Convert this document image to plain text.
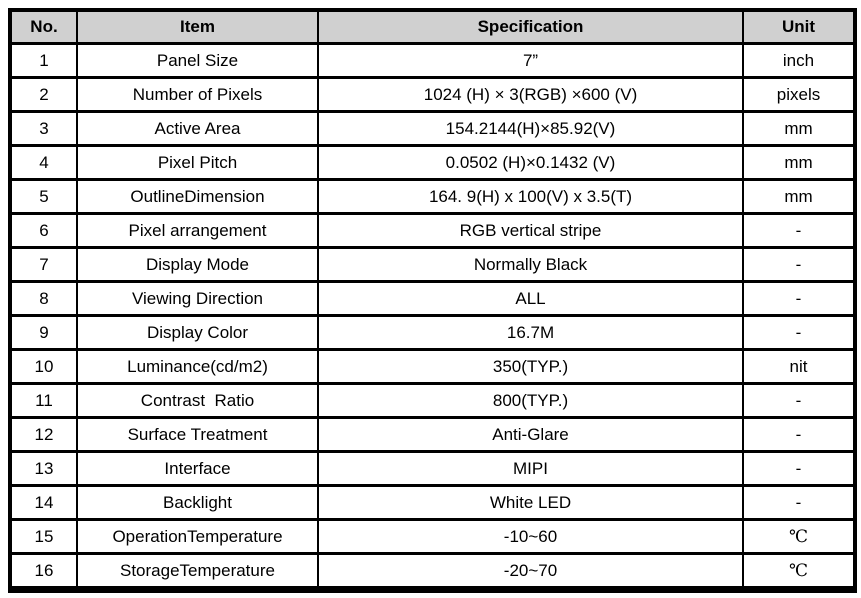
No.	Item	Specification	Unit
1	Panel Size	7”	inch
2	Number of Pixels	1024 (H) × 3(RGB) ×600 (V)	pixels
3	Active Area	154.2144(H)×85.92(V)	mm
4	Pixel Pitch	0.0502 (H)×0.1432 (V)	mm
5	OutlineDimension	164. 9(H) x 100(V) x 3.5(T)	mm
6	Pixel arrangement	RGB vertical stripe	-
7	Display Mode	Normally Black	-
8	Viewing Direction	ALL	-
9	Display Color	16.7M	-
10	Luminance(cd/m2)	350(TYP.)	nit
11	Contrast  Ratio	800(TYP.)	-
12	Surface Treatment	Anti-Glare	-
13	Interface	MIPI	-
14	Backlight	White LED	-
15	OperationTemperature	-10~60	℃
16	StorageTemperature	-20~70	℃
